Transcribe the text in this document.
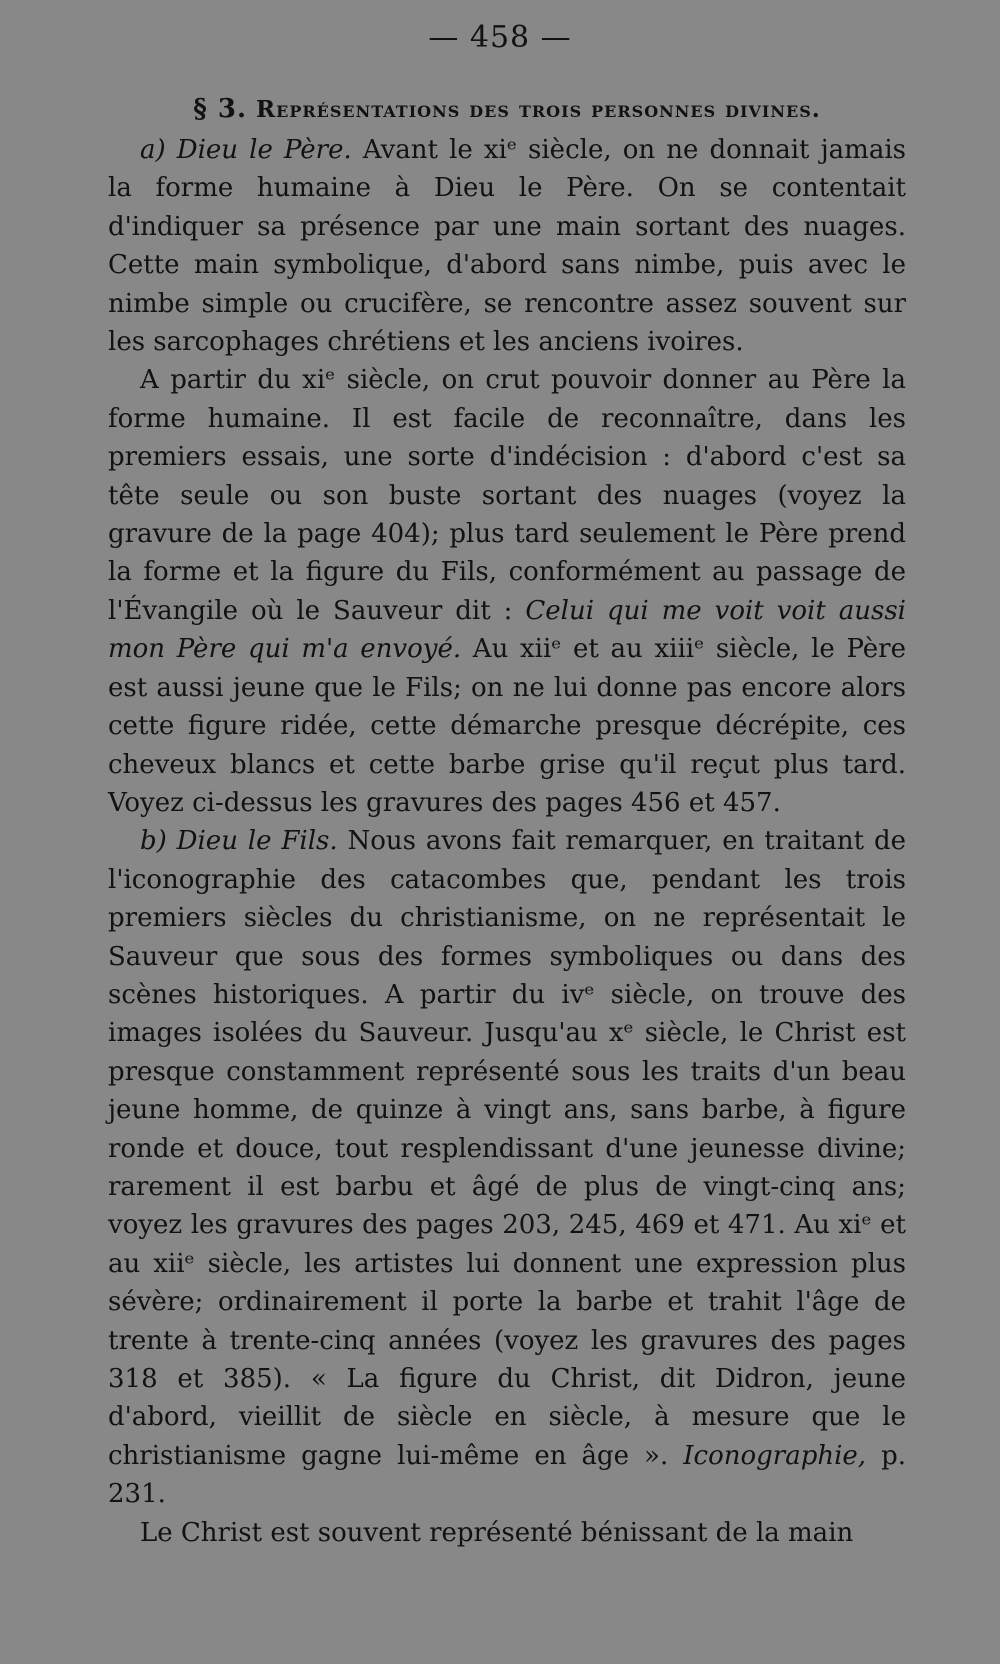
— 458 —
§ 3. Représentations des trois personnes divines.

a) Dieu le Père. Avant le xiᵉ siècle, on ne donnait jamais la forme humaine à Dieu le Père. On se contentait d'indiquer sa présence par une main sortant des nuages. Cette main symbolique, d'abord sans nimbe, puis avec le nimbe simple ou crucifère, se rencontre assez souvent sur les sarcophages chrétiens et les anciens ivoires.

A partir du xiᵉ siècle, on crut pouvoir donner au Père la forme humaine. Il est facile de reconnaître, dans les premiers essais, une sorte d'indécision : d'abord c'est sa tête seule ou son buste sortant des nuages (voyez la gravure de la page 404); plus tard seulement le Père prend la forme et la figure du Fils, conformément au passage de l'Évangile où le Sauveur dit : Celui qui me voit voit aussi mon Père qui m'a envoyé. Au xiiᵉ et au xiiiᵉ siècle, le Père est aussi jeune que le Fils; on ne lui donne pas encore alors cette figure ridée, cette démarche presque décrépite, ces cheveux blancs et cette barbe grise qu'il reçut plus tard. Voyez ci-dessus les gravures des pages 456 et 457.

b) Dieu le Fils. Nous avons fait remarquer, en traitant de l'iconographie des catacombes que, pendant les trois premiers siècles du christianisme, on ne représentait le Sauveur que sous des formes symboliques ou dans des scènes historiques. A partir du ivᵉ siècle, on trouve des images isolées du Sauveur. Jusqu'au xᵉ siècle, le Christ est presque constamment représenté sous les traits d'un beau jeune homme, de quinze à vingt ans, sans barbe, à figure ronde et douce, tout resplendissant d'une jeunesse divine; rarement il est barbu et âgé de plus de vingt-cinq ans; voyez les gravures des pages 203, 245, 469 et 471. Au xiᵉ et au xiiᵉ siècle, les artistes lui donnent une expression plus sévère; ordinairement il porte la barbe et trahit l'âge de trente à trente-cinq années (voyez les gravures des pages 318 et 385). « La figure du Christ, dit Didron, jeune d'abord, vieillit de siècle en siècle, à mesure que le christianisme gagne lui-même en âge ». Iconographie, p. 231.

Le Christ est souvent représenté bénissant de la main
